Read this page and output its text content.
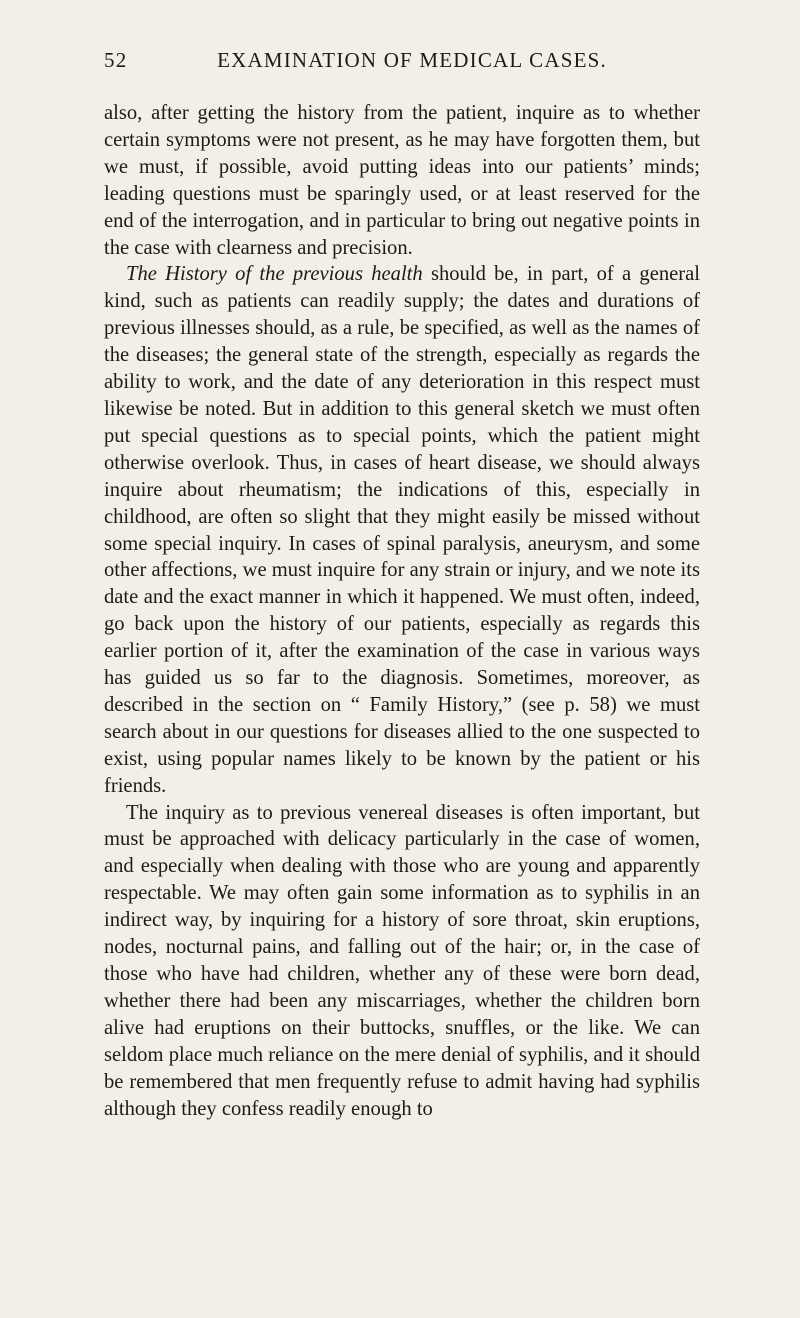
52	EXAMINATION OF MEDICAL CASES.

also, after getting the history from the patient, inquire as to whether certain symptoms were not present, as he may have forgotten them, but we must, if possible, avoid putting ideas into our patients’ minds; leading questions must be sparingly used, or at least reserved for the end of the interrogation, and in particular to bring out negative points in the case with clearness and precision.

The History of the previous health should be, in part, of a general kind, such as patients can readily supply; the dates and durations of previous illnesses should, as a rule, be specified, as well as the names of the diseases; the general state of the strength, especially as regards the ability to work, and the date of any deterioration in this respect must likewise be noted. But in addition to this general sketch we must often put special questions as to special points, which the patient might otherwise overlook. Thus, in cases of heart disease, we should always inquire about rheumatism; the indications of this, especially in childhood, are often so slight that they might easily be missed without some special inquiry. In cases of spinal paralysis, aneurysm, and some other affections, we must inquire for any strain or injury, and we note its date and the exact manner in which it happened. We must often, indeed, go back upon the history of our patients, especially as regards this earlier portion of it, after the examination of the case in various ways has guided us so far to the diagnosis. Sometimes, moreover, as described in the section on “ Family History,” (see p. 58) we must search about in our questions for diseases allied to the one suspected to exist, using popular names likely to be known by the patient or his friends.

The inquiry as to previous venereal diseases is often important, but must be approached with delicacy particularly in the case of women, and especially when dealing with those who are young and apparently respectable. We may often gain some information as to syphilis in an indirect way, by inquiring for a history of sore throat, skin eruptions, nodes, nocturnal pains, and falling out of the hair; or, in the case of those who have had children, whether any of these were born dead, whether there had been any miscarriages, whether the children born alive had eruptions on their buttocks, snuffles, or the like. We can seldom place much reliance on the mere denial of syphilis, and it should be remembered that men frequently refuse to admit having had syphilis although they confess readily enough to
